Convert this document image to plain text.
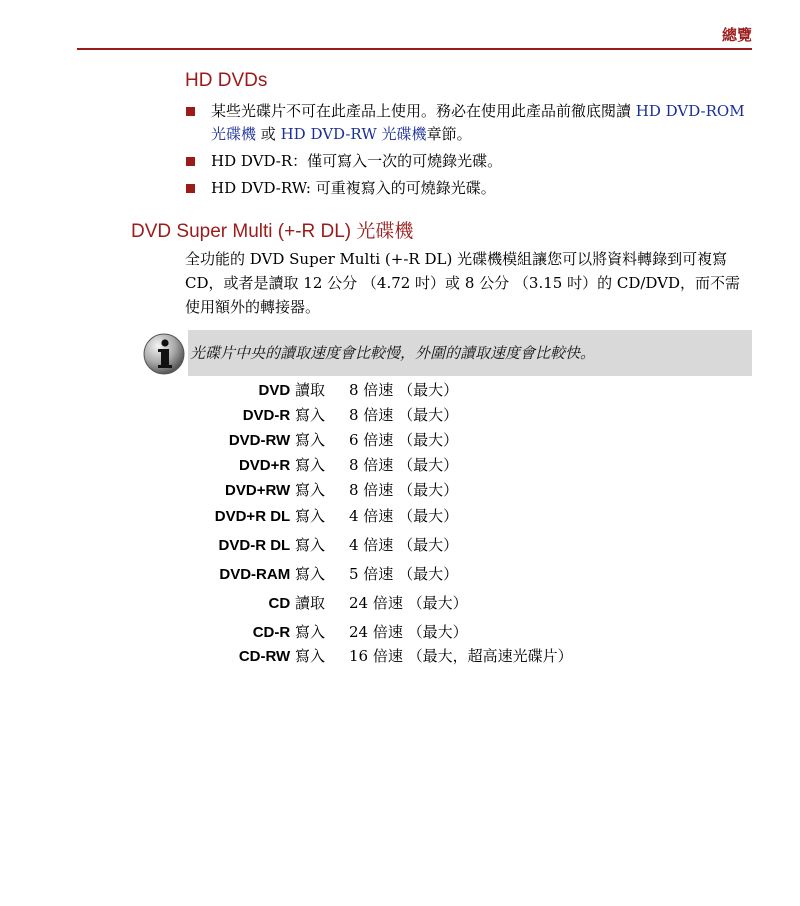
總覽
HD DVDs
某些光碟片不可在此產品上使用。務必在使用此產品前徹底閱讀 HD DVD-ROM 光碟機 或 HD DVD-RW 光碟機章節。
HD DVD-R：僅可寫入一次的可燒錄光碟。
HD DVD-RW: 可重複寫入的可燒錄光碟。
DVD Super Multi (+-R DL) 光碟機

全功能的 DVD Super Multi (+-R DL) 光碟機模組讓您可以將資料轉錄到可複寫 CD，或者是讀取 12 公分 （4.72 吋）或 8 公分 （3.15 吋）的 CD/DVD，而不需使用額外的轉接器。

光碟片中央的讀取速度會比較慢，外圍的讀取速度會比較快。
DVD 讀取 8 倍速 （最大）
DVD-R 寫入 8 倍速 （最大）
DVD-RW 寫入 6 倍速 （最大）
DVD+R 寫入 8 倍速 （最大）
DVD+RW 寫入 8 倍速 （最大）
DVD+R DL 寫入 4 倍速 （最大）
DVD-R DL 寫入 4 倍速 （最大）
DVD-RAM 寫入 5 倍速 （最大）
CD 讀取 24 倍速 （最大）
CD-R 寫入 24 倍速 （最大）
CD-RW 寫入 16 倍速 （最大，超高速光碟片）
